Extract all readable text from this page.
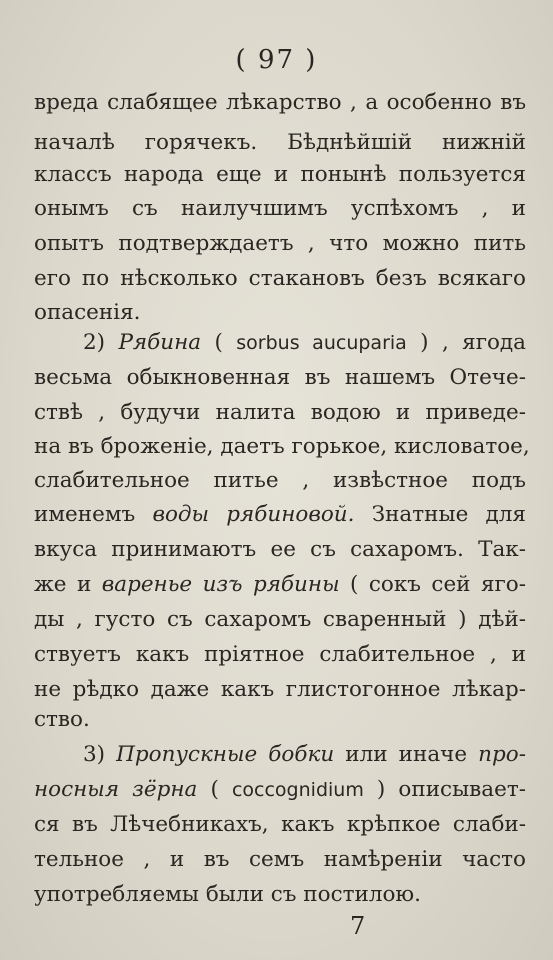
( 97 )
вреда слабящее лѣкарство , а особенно въ
началѣ горячекъ. Бѣднѣйшій нижній
классъ народа еще и понынѣ пользуется
онымъ съ наилучшимъ успѣхомъ , и
опытъ подтверждаетъ , что можно пить
его по нѣсколько стакановъ безъ всякаго
опасенія.
2) Рябина ( sorbus aucuparia ) , ягода
весьма обыкновенная въ нашемъ Отече-
ствѣ , будучи налита водою и приведе-
на въ броженіе, даетъ горькое, кисловатое,
слабительное питье , извѣстное подъ
именемъ воды рябиновой. Знатные для
вкуса принимаютъ ее съ сахаромъ. Так-
же и варенье изъ рябины ( сокъ сей яго-
ды , густо съ сахаромъ сваренный ) дѣй-
ствуетъ какъ пріятное слабительное , и
не рѣдко даже какъ глистогонное лѣкар-
ство.
3) Пропускные бобки или иначе про-
носныя зёрна ( coccognidium ) описывает-
ся въ Лѣчебникахъ, какъ крѣпкое слаби-
тельное , и въ семъ намѣреніи часто
употребляемы были съ постилою.
7
